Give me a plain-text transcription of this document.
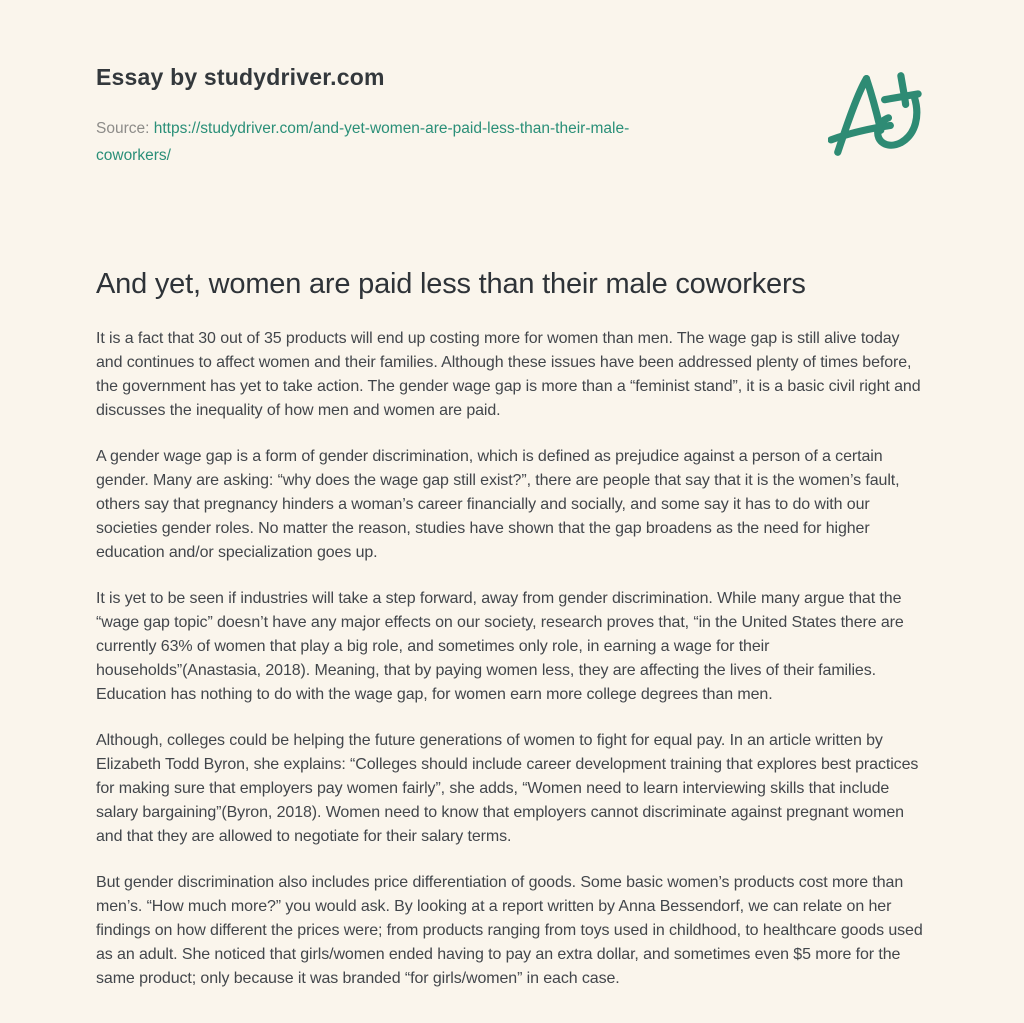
Essay by studydriver.com

Source: https://studydriver.com/and-yet-women-are-paid-less-than-their-male-coworkers/

And yet, women are paid less than their male coworkers

It is a fact that 30 out of 35 products will end up costing more for women than men. The wage gap is still alive today and continues to affect women and their families. Although these issues have been addressed plenty of times before, the government has yet to take action. The gender wage gap is more than a “feminist stand”, it is a basic civil right and discusses the inequality of how men and women are paid.

A gender wage gap is a form of gender discrimination, which is defined as prejudice against a person of a certain gender. Many are asking: “why does the wage gap still exist?”, there are people that say that it is the women’s fault, others say that pregnancy hinders a woman’s career financially and socially, and some say it has to do with our societies gender roles. No matter the reason, studies have shown that the gap broadens as the need for higher education and/or specialization goes up.

It is yet to be seen if industries will take a step forward, away from gender discrimination. While many argue that the “wage gap topic” doesn’t have any major effects on our society, research proves that, “in the United States there are currently 63% of women that play a big role, and sometimes only role, in earning a wage for their households”(Anastasia, 2018). Meaning, that by paying women less, they are affecting the lives of their families. Education has nothing to do with the wage gap, for women earn more college degrees than men.

Although, colleges could be helping the future generations of women to fight for equal pay. In an article written by Elizabeth Todd Byron, she explains: “Colleges should include career development training that explores best practices for making sure that employers pay women fairly”, she adds, “Women need to learn interviewing skills that include salary bargaining”(Byron, 2018). Women need to know that employers cannot discriminate against pregnant women and that they are allowed to negotiate for their salary terms.

But gender discrimination also includes price differentiation of goods. Some basic women’s products cost more than men’s. “How much more?” you would ask. By looking at a report written by Anna Bessendorf, we can relate on her findings on how different the prices were; from products ranging from toys used in childhood, to healthcare goods used as an adult. She noticed that girls/women ended having to pay an extra dollar, and sometimes even $5 more for the same product; only because it was branded “for girls/women” in each case.
